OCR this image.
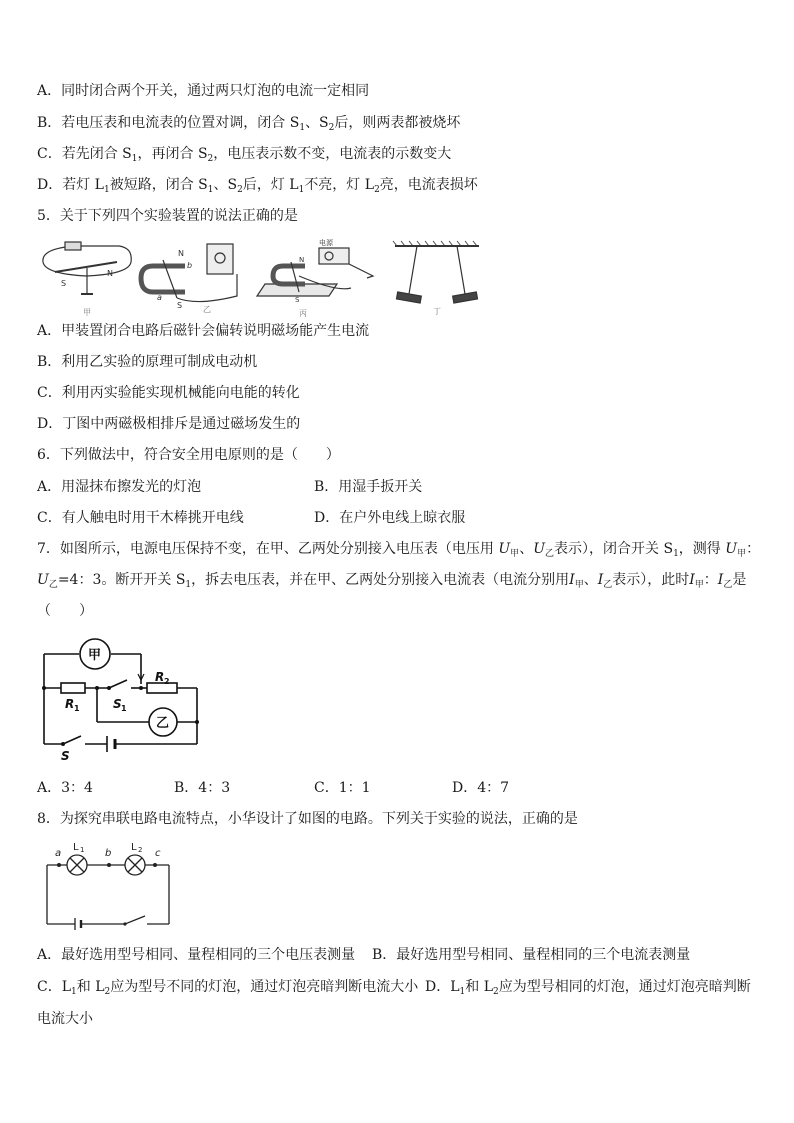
A．同时闭合两个开关，通过两只灯泡的电流一定相同
B．若电压表和电流表的位置对调，闭合 $S_1$、$S_2$后，则两表都被烧坏
C．若先闭合 $S_1$，再闭合 $S_2$，电压表示数不变，电流表的示数变大
D．若灯 $L_1$被短路，闭合 $S_1$、$S_2$后，灯 $L_1$不亮，灯 $L_2$亮，电流表损坏
5．关于下列四个实验装置的说法正确的是
S
N
甲
N
S
a
b
乙
电源
N
S
丙	丁
A．甲装置闭合电路后磁针会偏转说明磁场能产生电流
B．利用乙实验的原理可制成电动机
C．利用丙实验能实现机械能向电能的转化
D．丁图中两磁极相排斥是通过磁场发生的
6．下列做法中，符合安全用电原则的是（　　）
A．用湿抹布擦发光的灯泡	B．用湿手扳开关
C．有人触电时用干木棒挑开电线	D．在户外电线上晾衣服
7．如图所示，电源电压保持不变，在甲、乙两处分别接入电压表（电压用 $U_甲$、$U_乙$表示），闭合开关 $S_1$，测得 $U_甲$：
$U_乙=4$：3。断开开关 $S_1$，拆去电压表，并在甲、乙两处分别接入电流表（电流分别用$I_甲$、$I_乙$表示），此时$I_甲$：$I_乙$是
（　　）
甲
乙
R 1
R 2
S 1
S
A．3：4	B．4：3	C．1：1	D．4：7
8．为探究串联电路电流特点，小华设计了如图的电路。下列关于实验的说法，正确的是
a	b	c
L 1	L 2
A．最好选用型号相同、量程相同的三个电压表测量 B．最好选用型号相同、量程相同的三个电流表测量
C．$L_1$和 $L_2$应为型号不同的灯泡，通过灯泡亮暗判断电流大小 D．$L_1$和 $L_2$应为型号相同的灯泡，通过灯泡亮暗判断
电流大小
